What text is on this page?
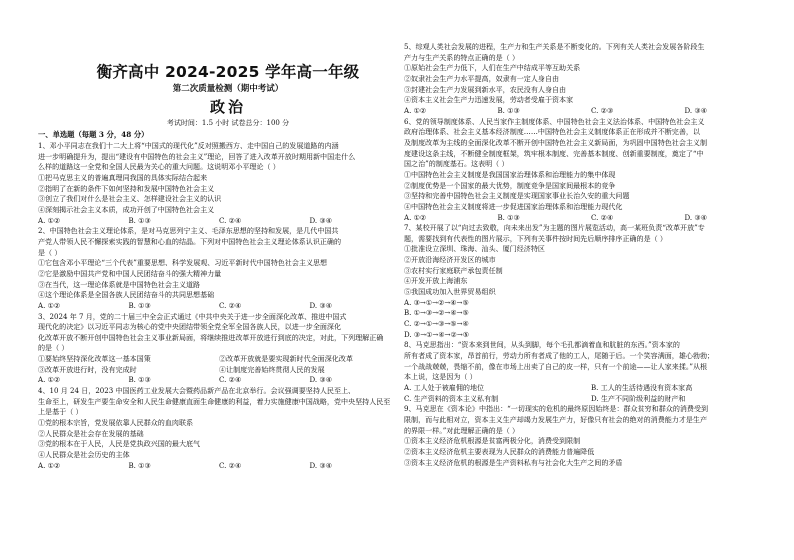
衡齐高中 2024-2025 学年高一年级
第二次质量检测（期中考试）
政治
考试时间：1.5 小时 试卷总分：100 分
一、单选题（每题 3 分，48 分）
1、邓小平同志在我们十二大上将“中国式的现代化”反对照搬西方、走中国自己的发展道路的内涵
进一步明确提升为，提出“建设有中国特色的社会主义”理论，回答了进入改革开放时期用新中国走什么
么样的道路这一全党和全国人民最为关心的重大问题。这说明邓小平理论（ ）
①把马克思主义的普遍真理同我国的具体实际结合起来
②指明了在新的条件下如何坚持和发展中国特色社会主义
③创立了我们对什么是社会主义、怎样建设社会主义的认识
④深刻揭示社会主义本质，成功开创了中国特色社会主义
A. ①②	B. ①③	C. ②④	D. ③④
2、中国特色社会主义理论体系，是对马克思列宁主义、毛泽东思想的坚持和发展，是几代中国共
产党人带领人民不懈探索实践的智慧和心血的结晶。下列对中国特色社会主义理论体系认识正确的
是（ ）
①它包含邓小平理论“三个代表”重要思想、科学发展观、习近平新时代中国特色社会主义思想
②它是激励中国共产党和中国人民团结奋斗的强大精神力量
③在当代，这一理论体系就是中国特色社会主义道路
④这个理论体系是全国各族人民团结奋斗的共同思想基础
A. ①②	B. ①③	C. ②④	D. ③④
3、2024 年 7 月，党的二十届三中全会正式通过《中共中央关于进一步全面深化改革、推进中国式
现代化的决定》以习近平同志为核心的党中央团结带领全党全军全国各族人民，以进一步全面深化
化改革开放不断开创中国特色社会主义事业新局面，将继续推进改革开放进行到底的决定，对此，下列理解正确
的是（ ）
①要始终坚持深化改革这一基本国策	②改革开放就是要实现新时代全面深化改革
③改革开放进行时，没有完成时	④让制度完善始终贯彻人民的发展
A. ①②	B. ①③	C. ②④	D. ③④
4、10 月 24 日，2023 中国医药工业发展大会暨药品新产品在北京举行。会议强调要坚持人民至上、
生命至上，研发生产要生命安全和人民生命健康直面生命健康的利益，着力实施健康中国战略，党中央坚持人民至
上是基于（ ）
①党的根本宗旨，党发展依靠人民群众的血肉联系
②人民群众是社会存在发展的基础
③党的根本在于人民，人民是党执政兴国的最大底气
④人民群众是社会历史的主体
A. ①②	B. ①③	C. ②④	D. ③④
5、综观人类社会发展的进程，生产力和生产关系是不断变化的。下列有关人类社会发展各阶段生
产力与生产关系的特点正确的是（ ）
①原始社会生产力低下，人们在生产中结成平等互助关系
②奴隶社会生产力水平提高，奴隶有一定人身自由
③封建社会生产力发展到新水平，农民没有人身自由
④资本主义社会生产力迅速发展，劳动者受雇于资本家
A. ①②	B. ①③	C. ②③	D. ③④
6、党的领导制度体系、人民当家作主制度体系、中国特色社会主义法治体系、中国特色社会主义
政府治理体系、社会主义基本经济制度……中国特色社会主义制度体系正在形成并不断完善，以
及制度改革为主线的全面深化改革不断开创中国特色社会主义新局面，为巩固中国特色社会主义制
度建设这条主线，不断健全制度框架，筑牢根本制度、完善基本制度、创新重要制度，奠定了“中
国之治”的制度基石。这表明（ ）
①中国特色社会主义制度是我国国家治理体系和治理能力的集中体现
②制度优势是一个国家的最大优势，制度竞争是国家间最根本的竞争
③坚持和完善中国特色社会主义制度是实现国家事业长治久安的重大问题
④中国特色社会主义制度将进一步促进国家治理体系和治理能力现代化
A. ①②	B. ①③	C. ②④	D. ③④
7、某校开展了以“向过去致敬，向未来出发”为主题的图片展览活动，高一某班负责“改革开放”专
题，需要找到有代表性的图片展示，下列有关事件按时间先后顺序排序正确的是（ ）
①批准设立深圳、珠海、汕头、厦门经济特区
②开放沿海经济开发区的城市
③农村实行家庭联产承包责任制
④开发开放上海浦东
⑤我国成功加入世界贸易组织
A. ③→①→②→④→⑤
B. ①→③→②→④→⑤
C. ②→①→③→⑤→④
D. ③→①→④→②→⑤
8、马克思指出：“资本来到世间，从头到脚，每个毛孔都滴着血和肮脏的东西。”资本家的
所有者成了资本家，昂首前行，劳动力所有者成了他的工人，尾随于后。一个笑容满面，雄心勃勃；
一个战战兢兢，畏缩不前，像在市场上出卖了自己的皮一样，只有一个前途——让人家来揉。”从根
本上说，这是因为（ ）
A. 工人处于被雇佣的地位	B. 工人的生活待遇没有资本家高
C. 生产资料的资本主义私有制	D. 生产不同阶级利益的财产和
9、马克思在《资本论》中指出：“一切现实的危机的最终原因始终是：群众贫穷和群众的消费受到
限制，而与此相对立，资本主义生产却竭力发展生产力，好像只有社会的绝对的消费能力才是生产
的界限一样。”对此理解正确的是（ ）
①资本主义经济危机根源是贫富两极分化，消费受到限制
②资本主义经济危机主要表现为人民群众的消费能力普遍降低
③资本主义经济危机的根源是生产资料私有与社会化大生产之间的矛盾
